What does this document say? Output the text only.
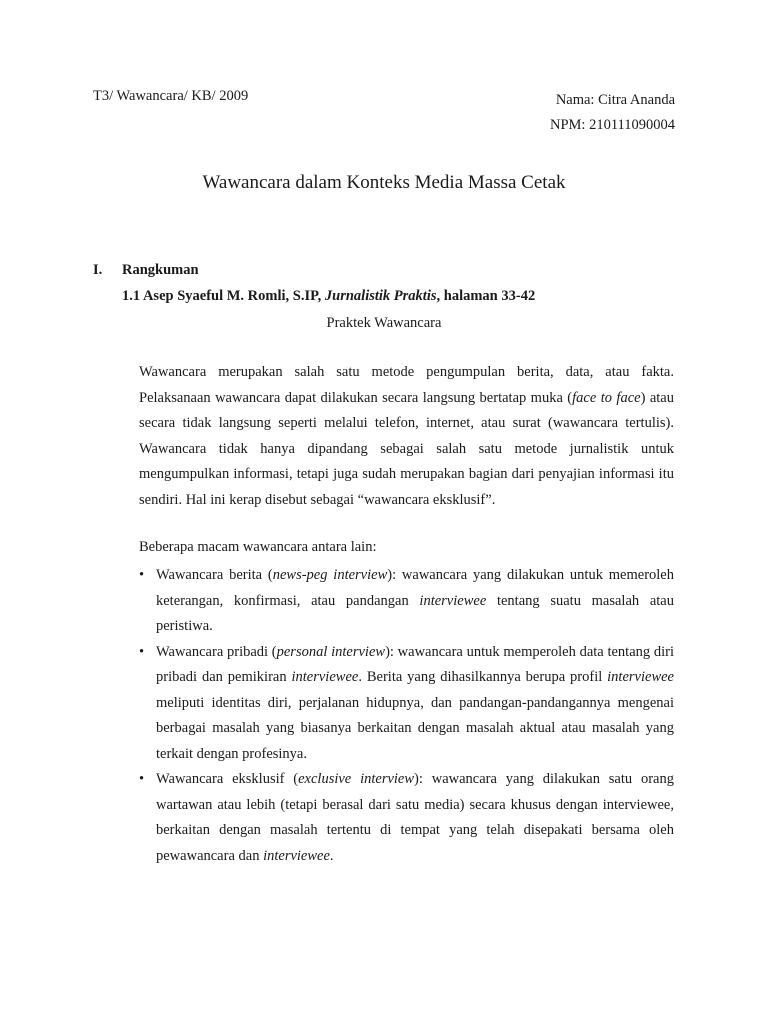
T3/ Wawancara/ KB/ 2009	Nama: Citra Ananda
NPM: 210111090004
Wawancara dalam Konteks Media Massa Cetak
I. Rangkuman
1.1 Asep Syaeful M. Romli, S.IP, Jurnalistik Praktis, halaman 33-42
Praktek Wawancara
Wawancara merupakan salah satu metode pengumpulan berita, data, atau fakta. Pelaksanaan wawancara dapat dilakukan secara langsung bertatap muka (face to face) atau secara tidak langsung seperti melalui telefon, internet, atau surat (wawancara tertulis). Wawancara tidak hanya dipandang sebagai salah satu metode jurnalistik untuk mengumpulkan informasi, tetapi juga sudah merupakan bagian dari penyajian informasi itu sendiri. Hal ini kerap disebut sebagai “wawancara eksklusif”.
Beberapa macam wawancara antara lain:
• Wawancara berita (news-peg interview): wawancara yang dilakukan untuk memeroleh keterangan, konfirmasi, atau pandangan interviewee tentang suatu masalah atau peristiwa.
• Wawancara pribadi (personal interview): wawancara untuk memperoleh data tentang diri pribadi dan pemikiran interviewee. Berita yang dihasilkannya berupa profil interviewee meliputi identitas diri, perjalanan hidupnya, dan pandangan-pandangannya mengenai berbagai masalah yang biasanya berkaitan dengan masalah aktual atau masalah yang terkait dengan profesinya.
• Wawancara eksklusif (exclusive interview): wawancara yang dilakukan satu orang wartawan atau lebih (tetapi berasal dari satu media) secara khusus dengan interviewee, berkaitan dengan masalah tertentu di tempat yang telah disepakati bersama oleh pewawancara dan interviewee.
